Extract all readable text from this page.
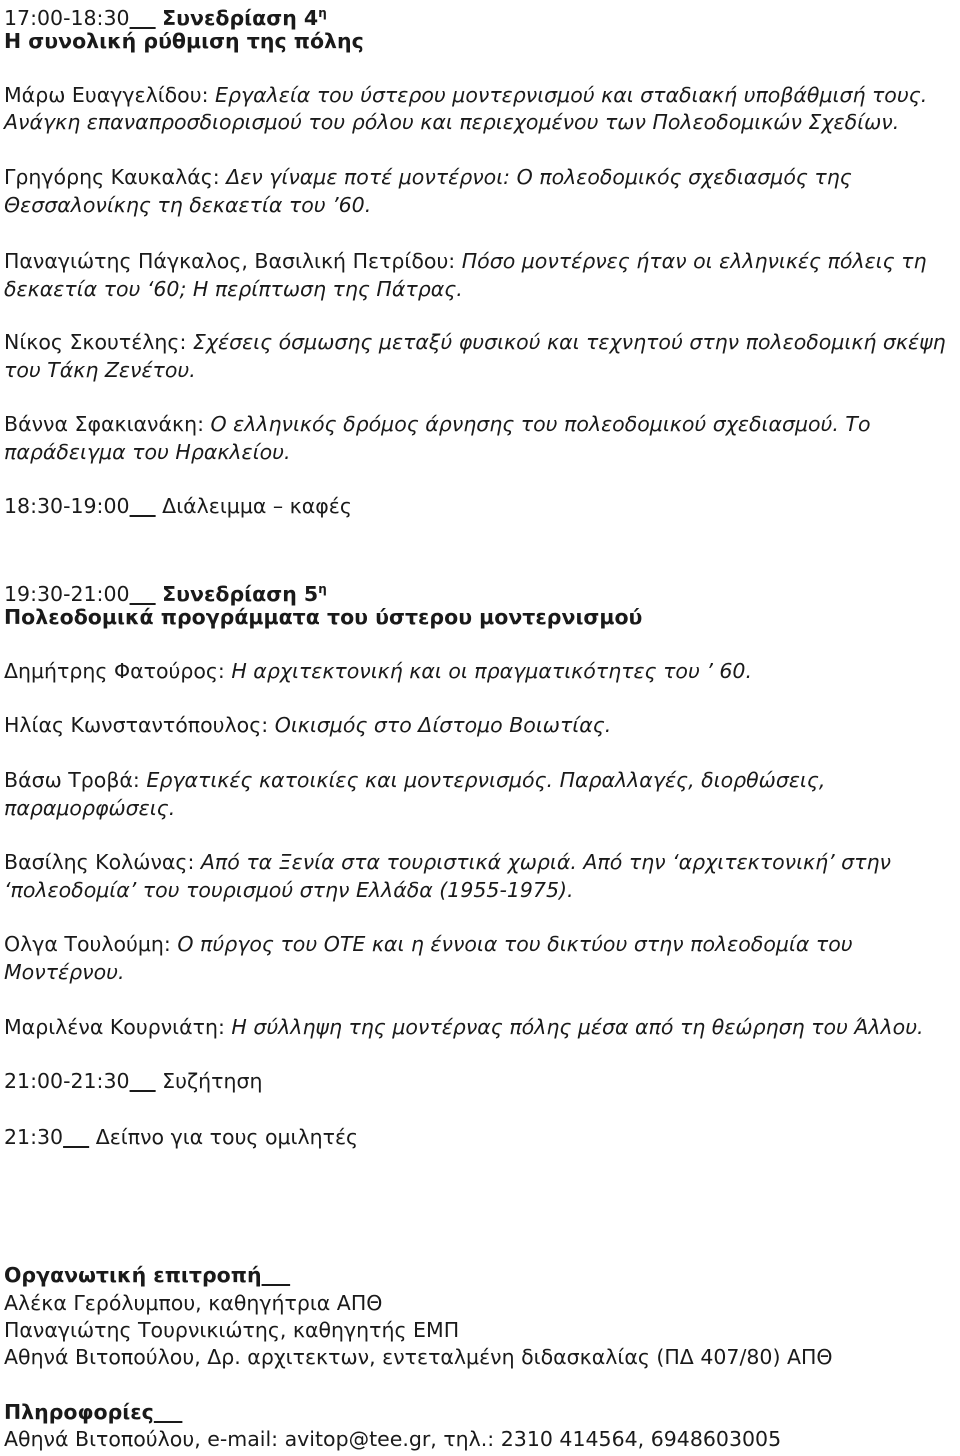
17:00-18:30 Συνεδρίαση $4^\eta$
Η συνολική ρύθμιση της πόλης
Μάρω Ευαγγελίδου: Εργαλεία του ύστερου μοντερνισμού και σταδιακή υποβάθμισή τους.
Ανάγκη επαναπροσδιορισμού του ρόλου και περιεχομένου των Πολεοδομικών Σχεδίων.
Γρηγόρης Καυκαλάς: Δεν γίναμε ποτέ μοντέρνοι: Ο πολεοδομικός σχεδιασμός της
Θεσσαλονίκης τη δεκαετία του ’60.
Παναγιώτης Πάγκαλος, Βασιλική Πετρίδου: Πόσο μοντέρνες ήταν οι ελληνικές πόλεις τη
δεκαετία του ‘60; Η περίπτωση της Πάτρας.
Νίκος Σκουτέλης: Σχέσεις όσμωσης μεταξύ φυσικού και τεχνητού στην πολεοδομική σκέψη
του Τάκη Ζενέτου.
Βάννα Σφακιανάκη: Ο ελληνικός δρόμος άρνησης του πολεοδομικού σχεδιασμού. Το
παράδειγμα του Ηρακλείου.
18:30-19:00 Διάλειμμα – καφές
19:30-21:00 Συνεδρίαση $5^\eta$
Πολεοδομικά προγράμματα του ύστερου μοντερνισμού
Δημήτρης Φατούρος: Η αρχιτεκτονική και οι πραγματικότητες του ’ 60.
Ηλίας Κωνσταντόπουλος: Οικισμός στο Δίστομο Βοιωτίας.
Βάσω Τροβά: Εργατικές κατοικίες και μοντερνισμός. Παραλλαγές, διορθώσεις,
παραμορφώσεις.
Βασίλης Κολώνας: Από τα Ξενία στα τουριστικά χωριά. Από την ‘αρχιτεκτονική’ στην
‘πολεοδομία’ του τουρισμού στην Ελλάδα (1955-1975).
Ολγα Τουλούμη: Ο πύργος του ΟΤΕ και η έννοια του δικτύου στην πολεοδομία του
Μοντέρνου.
Μαριλένα Κουρνιάτη: Η σύλληψη της μοντέρνας πόλης μέσα από τη θεώρηση του Άλλου.
21:00-21:30 Συζήτηση
21:30 Δείπνο για τους ομιλητές
Οργανωτική επιτροπή
Αλέκα Γερόλυμπου, καθηγήτρια ΑΠΘ
Παναγιώτης Τουρνικιώτης, καθηγητής ΕΜΠ
Αθηνά Βιτοπούλου, Δρ. αρχιτεκτων, εντεταλμένη διδασκαλίας (ΠΔ 407/80) ΑΠΘ
Πληροφορίες
Αθηνά Βιτοπούλου, e-mail: avitop@tee.gr, τηλ.: 2310 414564, 6948603005
